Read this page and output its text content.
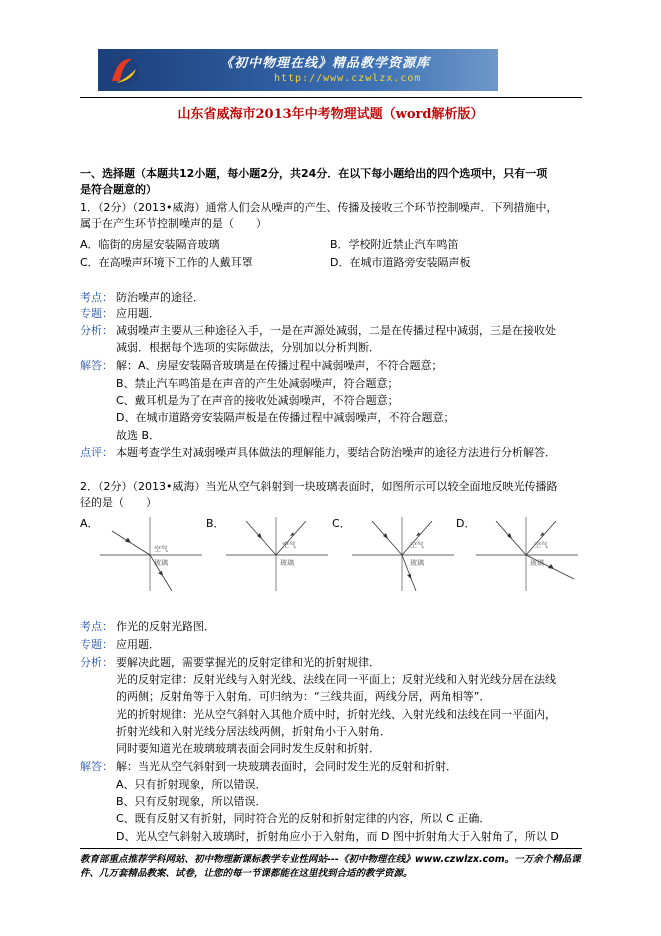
《初中物理在线》精品教学资源库
http://www.czwlzx.com
山东省威海市2013年中考物理试题（word解析版）
一、选择题（本题共12小题，每小题2分，共24分．在以下每小题给出的四个选项中，只有一项
是符合题意的）
1．（2分）（2013•威海）通常人们会从噪声的产生、传播及接收三个环节控制噪声．下列措施中，
属于在产生环节控制噪声的是（　　）
A．临街的房屋安装隔音玻璃	B．学校附近禁止汽车鸣笛
C．在高噪声环境下工作的人戴耳罩	D．在城市道路旁安装隔声板
考点： 防治噪声的途径．
专题： 应用题．
分析： 减弱噪声主要从三种途径入手，一是在声源处减弱，二是在传播过程中减弱，三是在接收处
减弱．根据每个选项的实际做法，分别加以分析判断．
解答： 解：A、房屋安装隔音玻璃是在传播过程中减弱噪声，不符合题意；
B、禁止汽车鸣笛是在声音的产生处减弱噪声，符合题意；
C、戴耳机是为了在声音的接收处减弱噪声，不符合题意；
D、在城市道路旁安装隔声板是在传播过程中减弱噪声，不符合题意；
故选 B．
点评： 本题考查学生对减弱噪声具体做法的理解能力，要结合防治噪声的途径方法进行分析解答．
2．（2分）（2013•威海）当光从空气斜射到一块玻璃表面时，如图所示可以较全面地反映光传播路
径的是（　　）
A．
空气
玻璃
B．
空气
玻璃
C．
空气
玻璃
D．
空气
玻璃
考点： 作光的反射光路图．
专题： 应用题．
分析： 要解决此题，需要掌握光的反射定律和光的折射规律．
光的反射定律：反射光线与入射光线、法线在同一平面上；反射光线和入射光线分居在法线
的两侧；反射角等于入射角．可归纳为：“三线共面，两线分居，两角相等”．
光的折射规律：光从空气斜射入其他介质中时，折射光线、入射光线和法线在同一平面内，
折射光线和入射光线分居法线两侧，折射角小于入射角．
同时要知道光在玻璃玻璃表面会同时发生反射和折射．
解答： 解：当光从空气斜射到一块玻璃表面时，会同时发生光的反射和折射．
A、只有折射现象，所以错误．
B、只有反射现象，所以错误．
C、既有反射又有折射，同时符合光的反射和折射定律的内容，所以 C 正确．
D、光从空气斜射入玻璃时，折射角应小于入射角，而 D 图中折射角大于入射角了，所以 D
教育部重点推荐学科网站、初中物理新课标教学专业性网站---《初中物理在线》www.czwlzx.com。一万余个精品课
件、几万套精品教案、试卷，让您的每一节课都能在这里找到合适的教学资源。
